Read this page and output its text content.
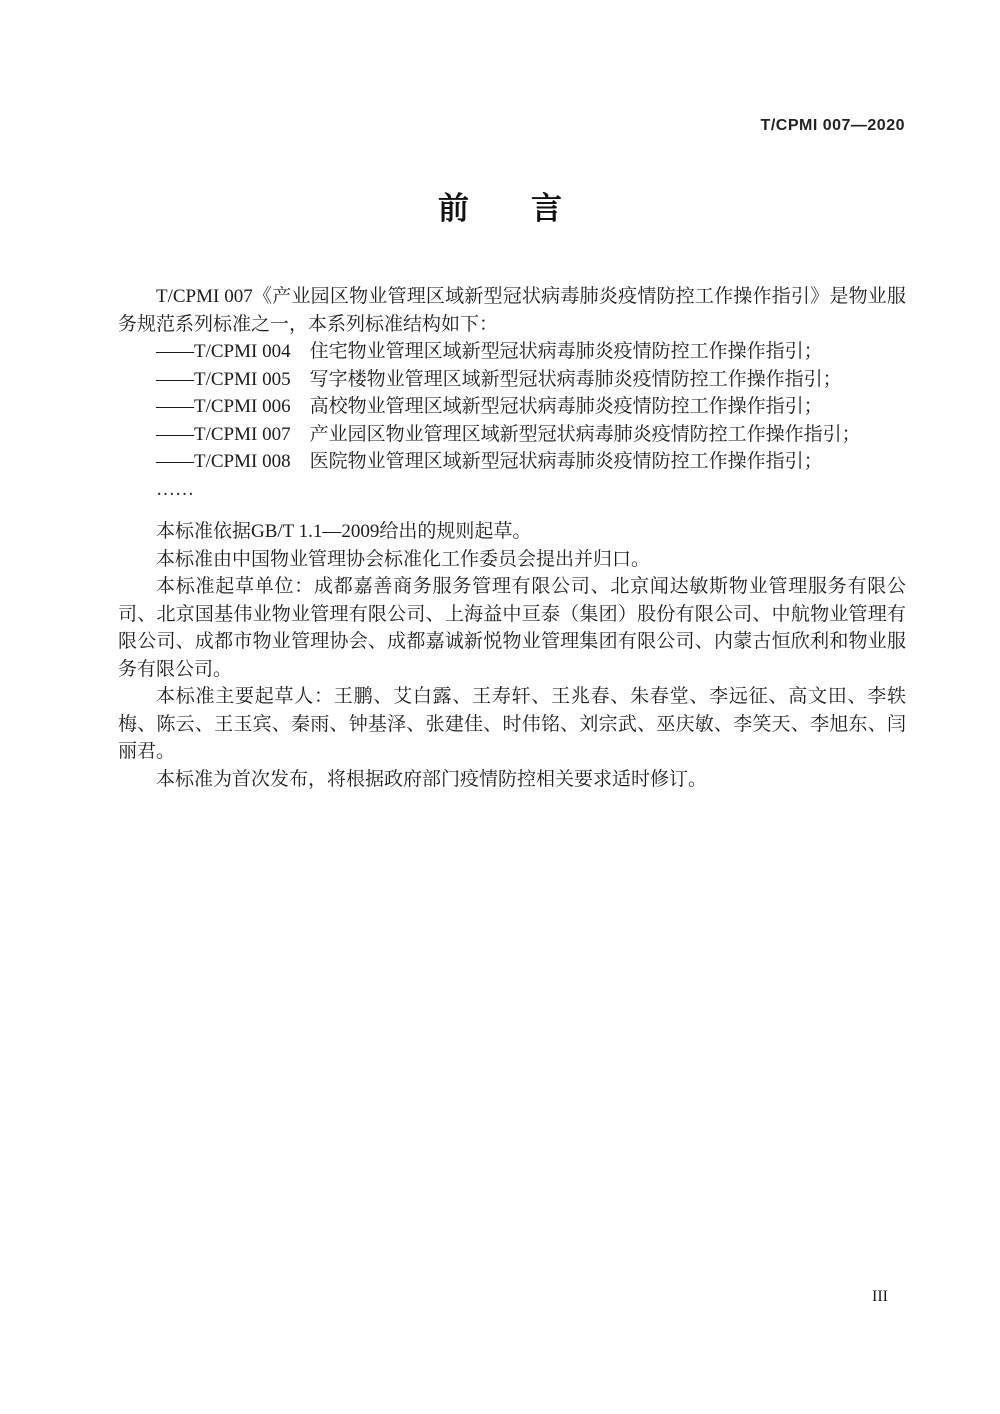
T/CPMI 007—2020
前　　言

T/CPMI 007《产业园区物业管理区域新型冠状病毒肺炎疫情防控工作操作指引》是物业服务规范系列标准之一，本系列标准结构如下：

——T/CPMI 004　住宅物业管理区域新型冠状病毒肺炎疫情防控工作操作指引；

——T/CPMI 005　写字楼物业管理区域新型冠状病毒肺炎疫情防控工作操作指引；

——T/CPMI 006　高校物业管理区域新型冠状病毒肺炎疫情防控工作操作指引；

——T/CPMI 007　产业园区物业管理区域新型冠状病毒肺炎疫情防控工作操作指引；

——T/CPMI 008　医院物业管理区域新型冠状病毒肺炎疫情防控工作操作指引；

……

本标准依据GB/T 1.1—2009给出的规则起草。

本标准由中国物业管理协会标准化工作委员会提出并归口。

本标准起草单位：成都嘉善商务服务管理有限公司、北京闻达敏斯物业管理服务有限公司、北京国基伟业物业管理有限公司、上海益中亘泰（集团）股份有限公司、中航物业管理有限公司、成都市物业管理协会、成都嘉诚新悦物业管理集团有限公司、内蒙古恒欣利和物业服务有限公司。

本标准主要起草人：王鹏、艾白露、王寿轩、王兆春、朱春堂、李远征、高文田、李轶梅、陈云、王玉宾、秦雨、钟基泽、张建佳、时伟铭、刘宗武、巫庆敏、李笑天、李旭东、闫丽君。

本标准为首次发布，将根据政府部门疫情防控相关要求适时修订。

III
